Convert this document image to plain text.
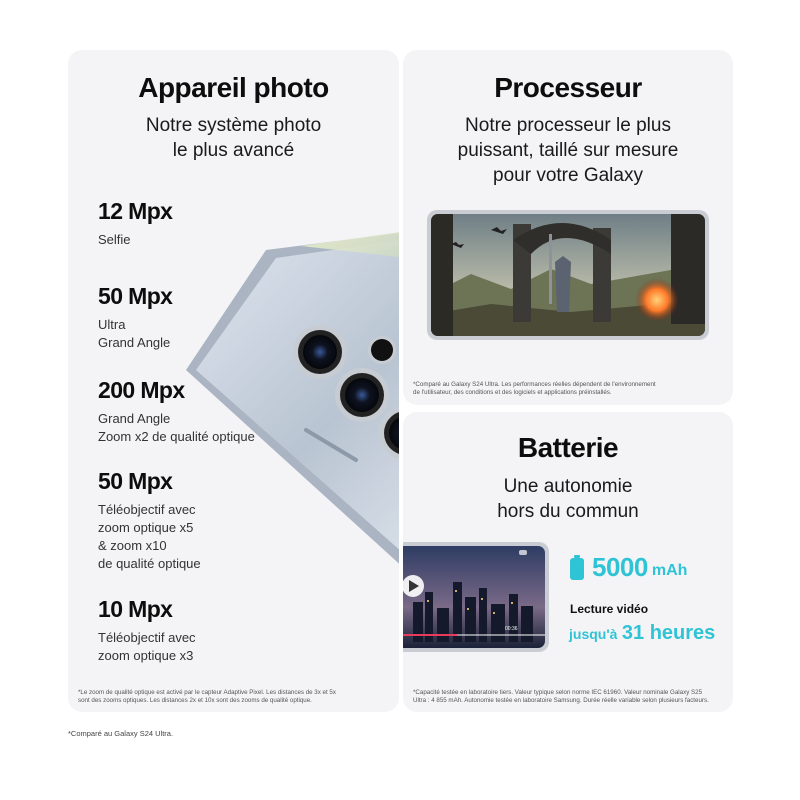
Appareil photo
Notre système photo
le plus avancé
12 Mpx
Selfie
50 Mpx
Ultra
Grand Angle
200 Mpx
Grand Angle
Zoom x2 de qualité optique
50 Mpx
Téléobjectif avec
zoom optique x5
& zoom x10
de qualité optique
10 Mpx
Téléobjectif avec
zoom optique x3
*Le zoom de qualité optique est activé par le capteur Adaptive Pixel. Les distances de 3x et 5x
sont des zooms optiques. Les distances 2x et 10x sont des zooms de qualité optique.
Processeur
Notre processeur le plus
puissant, taillé sur mesure
pour votre Galaxy
*Comparé au Galaxy S24 Ultra. Les performances réelles dépendent de l'environnement
de l'utilisateur, des conditions et des logiciels et applications préinstallés.
Batterie
Une autonomie
hors du commun
00:36
5000 mAh
Lecture vidéo
jusqu'à 31 heures
*Capacité testée en laboratoire tiers. Valeur typique selon norme IEC 61960. Valeur nominale Galaxy S25
Ultra : 4 855 mAh. Autonomie testée en laboratoire Samsung. Durée réelle variable selon plusieurs facteurs.
*Comparé au Galaxy S24 Ultra.
